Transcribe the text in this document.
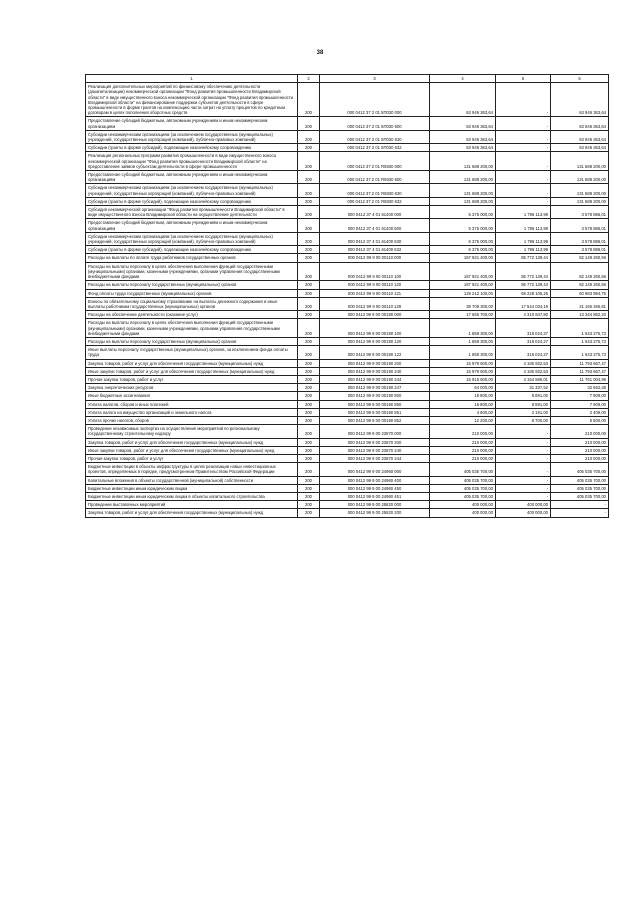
38
1	2	3	4	5	6
Реализация дополнительных мероприятий по финансовому обеспечению деятельности (докапитализации) некоммерческой организации "Фонд развития промышленности Владимирской области" в виде имущественного взноса некоммерческой организации "Фонд развития промышленности Владимирской области" на финансирование поддержки субъектов деятельности в сфере промышленности в форме грантов на компенсацию части затрат на уплату процентов по кредитным договорам в целях пополнения оборотных средств	200	000 0412 37 2 01 5П030 000	63 946 363,64	-	63 946 363,64
Предоставление субсидий бюджетным, автономным учреждениям и иным некоммерческим организациям	200	000 0412 37 2 01 5П030 600	63 946 363,64	-	63 946 363,64
Субсидии некоммерческим организациям (за исключением государственных (муниципальных) учреждений, государственных корпораций (компаний), публично-правовых компаний)	200	000 0412 37 2 01 5П030 630	63 946 363,64	-	63 946 363,64
Субсидии (гранты в форме субсидий), подлежащие казначейскому сопровождению	200	000 0412 37 2 01 5П030 632	63 946 363,64	-	63 946 363,64
Реализация региональных программ развития промышленности в виде имущественного взноса некоммерческой организации "Фонд развития промышленности Владимирской области" на предоставление займов субъектам деятельности в сфере промышленности	200	000 0412 37 2 01 R5930 000	131 688 200,00	-	131 688 200,00
Предоставление субсидий бюджетным, автономным учреждениям и иным некоммерческим организациям	200	000 0412 37 2 01 R5930 600	131 688 200,00	-	131 688 200,00
Субсидии некоммерческим организациям (за исключением государственных (муниципальных) учреждений, государственных корпораций (компаний), публично-правовых компаний)	200	000 0412 37 2 01 R5930 630	131 688 200,00	-	131 688 200,00
Субсидии (гранты в форме субсидий), подлежащие казначейскому сопровождению	200	000 0412 37 2 01 R5930 632	131 688 200,00	-	131 688 200,00
Субсидия некоммерческой организации "Фонд развития промышленности Владимирской области" в виде имущественного взноса Владимирской области на осуществление деятельности	200	000 0412 37 4 01 61400 000	5 375 000,00	1 796 113,99	3 578 886,01
Предоставление субсидий бюджетным, автономным учреждениям и иным некоммерческим организациям	200	000 0412 37 4 01 61400 600	5 375 000,00	1 796 113,99	3 578 886,01
Субсидии некоммерческим организациям (за исключением государственных (муниципальных) учреждений, государственных корпораций (компаний), публично-правовых компаний)	200	000 0412 37 4 01 61400 630	5 375 000,00	1 796 113,99	3 578 886,01
Субсидии (гранты в форме субсидий), подлежащие казначейскому сопровождению	200	000 0412 37 4 01 61400 632	5 375 000,00	1 796 113,99	3 578 886,01
Расходы на выплаты по оплате труда работников государственных органов	200	000 0412 99 9 00 00110 000	167 921 400,00	85 772 139,44	82 149 260,56
Расходы на выплаты персоналу в целях обеспечения выполнения функций государственными (муниципальными) органами, казенными учреждениями, органами управления государственными внебюджетными фондами	200	000 0412 99 9 00 00110 100	167 921 400,00	85 772 139,44	82 149 260,56
Расходы на выплаты персоналу государственных (муниципальных) органов	200	000 0412 99 9 00 00110 120	167 921 400,00	85 772 139,44	82 149 260,56
Фонд оплаты труда государственных (муниципальных) органов	200	000 0412 99 9 00 00110 121	129 212 100,00	68 228 105,25	60 983 994,75
Взносы по обязательному социальному страхованию на выплаты денежного содержания и иные выплаты работникам государственных (муниципальных) органов	200	000 0412 99 9 00 00110 129	38 709 300,00	17 544 034,19	21 165 265,81
Расходы на обеспечение деятельности (оказание услуг)	200	000 0412 99 9 00 00190 000	17 655 700,00	4 310 847,80	13 344 852,20
Расходы на выплаты персоналу в целях обеспечения выполнения функций государственными (муниципальными) органами, казенными учреждениями, органами управления государственными внебюджетными фондами	200	000 0412 99 9 00 00190 100	1 859 300,00	316 024,27	1 543 275,73
Расходы на выплаты персоналу государственных (муниципальных) органов	200	000 0412 99 9 00 00190 120	1 859 300,00	316 024,27	1 543 275,73
Иные выплаты персоналу государственных (муниципальных) органов, за исключением фонда оплаты труда	200	000 0412 99 9 00 00190 122	1 859 300,00	316 024,27	1 543 275,73
Закупка товаров, работ и услуг для обеспечения государственных (муниципальных) нужд	200	000 0412 99 9 00 00190 200	15 979 600,00	4 185 932,53	11 793 667,47
Иные закупки товаров, работ и услуг для обеспечения государственных (муниципальных) нужд	200	000 0412 99 9 00 00190 240	15 979 600,00	4 185 932,53	11 793 667,47
Прочая закупка товаров, работ и услуг	200	000 0412 99 9 00 00190 244	15 915 600,00	4 154 595,01	11 761 004,99
Закупка энергетических ресурсов	200	000 0412 99 9 00 00190 247	64 000,00	31 337,52	32 662,48
Иные бюджетные ассигнования	200	000 0412 99 9 00 00190 800	16 800,00	8 891,00	7 909,00
Уплата налогов, сборов и иных платежей	200	000 0412 99 9 00 00190 850	16 800,00	8 891,00	7 909,00
Уплата налога на имущество организаций и земельного налога	200	000 0412 99 9 00 00190 851	4 600,00	2 191,00	2 409,00
Уплата прочих налогов, сборов	200	000 0412 99 9 00 00190 852	12 200,00	6 700,00	5 500,00
Проведение независимых экспертиз на осуществление мероприятий по региональному государственному строительному надзору	200	000 0412 99 9 00 23870 000	210 000,00	-	210 000,00
Закупка товаров, работ и услуг для обеспечения государственных (муниципальных) нужд	200	000 0412 99 9 00 23870 200	210 000,00	-	210 000,00
Иные закупки товаров, работ и услуг для обеспечения государственных (муниципальных) нужд	200	000 0412 99 9 00 23870 240	210 000,00	-	210 000,00
Прочая закупка товаров, работ и услуг	200	000 0412 99 9 00 23870 244	210 000,00	-	210 000,00
Бюджетные инвестиции в объекты инфраструктуры в целях реализации новых инвестиционных проектов, определяемых в порядке, предусмотренном Правительством Российской Федерации	200	000 0412 99 9 00 24960 000	405 035 700,00	-	405 035 700,00
Капитальные вложения в объекты государственной (муниципальной) собственности	200	000 0412 99 9 00 24960 400	405 035 700,00	-	405 035 700,00
Бюджетные инвестиции иным юридическим лицам	200	000 0412 99 9 00 24960 450	405 035 700,00	-	405 035 700,00
Бюджетные инвестиции иным юридическим лицам в объекты капитального строительства	200	000 0412 99 9 00 24960 451	405 035 700,00	-	405 035 700,00
Проведение выставочных мероприятий	200	000 0412 99 9 00 25820 000	400 000,00	400 000,00	-
Закупка товаров, работ и услуг для обеспечения государственных (муниципальных) нужд	200	000 0412 99 9 00 25820 200	400 000,00	400 000,00	-
